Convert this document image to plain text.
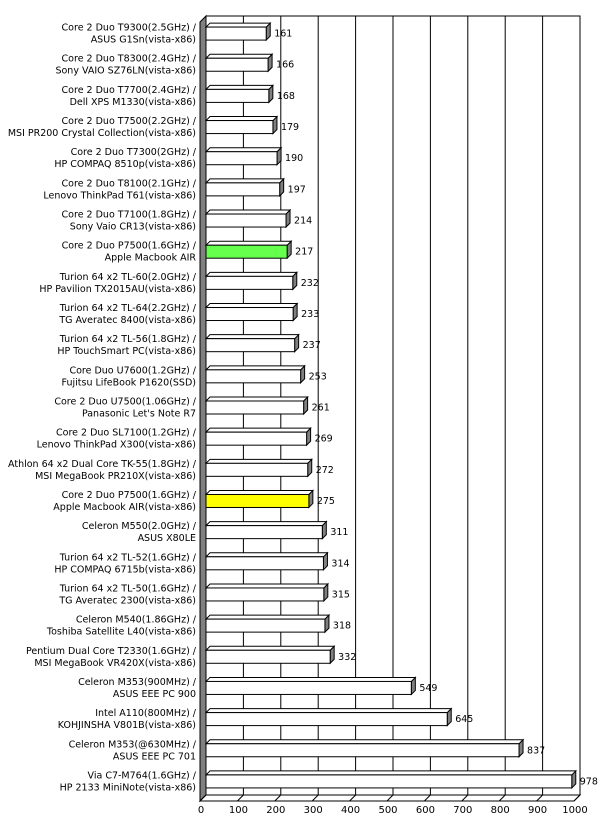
Core 2 Duo T9300(2.5GHz) /
ASUS G1Sn(vista-x86)
Core 2 Duo T8300(2.4GHz) /
Sony VAIO SZ76LN(vista-x86)
Core 2 Duo T7700(2.4GHz) /
Dell XPS M1330(vista-x86)
Core 2 Duo T7500(2.2GHz) /
MSI PR200 Crystal Collection(vista-x86)
Core 2 Duo T7300(2GHz) /
HP COMPAQ 8510p(vista-x86)
Core 2 Duo T8100(2.1GHz) /
Lenovo ThinkPad T61(vista-x86)
Core 2 Duo T7100(1.8GHz) /
Sony Vaio CR13(vista-x86)
Core 2 Duo P7500(1.6GHz) /
Apple Macbook AIR
Turion 64 x2 TL-60(2.0GHz) /
HP Pavilion TX2015AU(vista-x86)
Turion 64 x2 TL-64(2.2GHz) /
TG Averatec 8400(vista-x86)
Turion 64 x2 TL-56(1.8GHz) /
HP TouchSmart PC(vista-x86)
Core Duo U7600(1.2GHz) /
Fujitsu LifeBook P1620(SSD)
Core 2 Duo U7500(1.06GHz) /
Panasonic Let's Note R7
Core 2 Duo SL7100(1.2GHz) /
Lenovo ThinkPad X300(vista-x86)
Athlon 64 x2 Dual Core TK-55(1.8GHz) /
MSI MegaBook PR210X(vista-x86)
Core 2 Duo P7500(1.6GHz) /
Apple Macbook AIR(vista-x86)
Celeron M550(2.0GHz) /
ASUS X80LE
Turion 64 x2 TL-52(1.6GHz) /
HP COMPAQ 6715b(vista-x86)
Turion 64 x2 TL-50(1.6GHz) /
TG Averatec 2300(vista-x86)
Celeron M540(1.86GHz) /
Toshiba Satellite L40(vista-x86)
Pentium Dual Core T2330(1.6GHz) /
MSI MegaBook VR420X(vista-x86)
Celeron M353(900MHz) /
ASUS EEE PC 900
Intel A110(800MHz) /
KOHJINSHA V801B(vista-x86)
Celeron M353(@630MHz) /
ASUS EEE PC 701
Via C7-M764(1.6GHz) /
HP 2133 MiniNote(vista-x86)
161
166
168
179
190
197
214
217
232
233
237
253
261
269
272
275
311
314
315
318
332
549
645
837
978
0 100 200 300 400 500 600 700 800 900 1000
